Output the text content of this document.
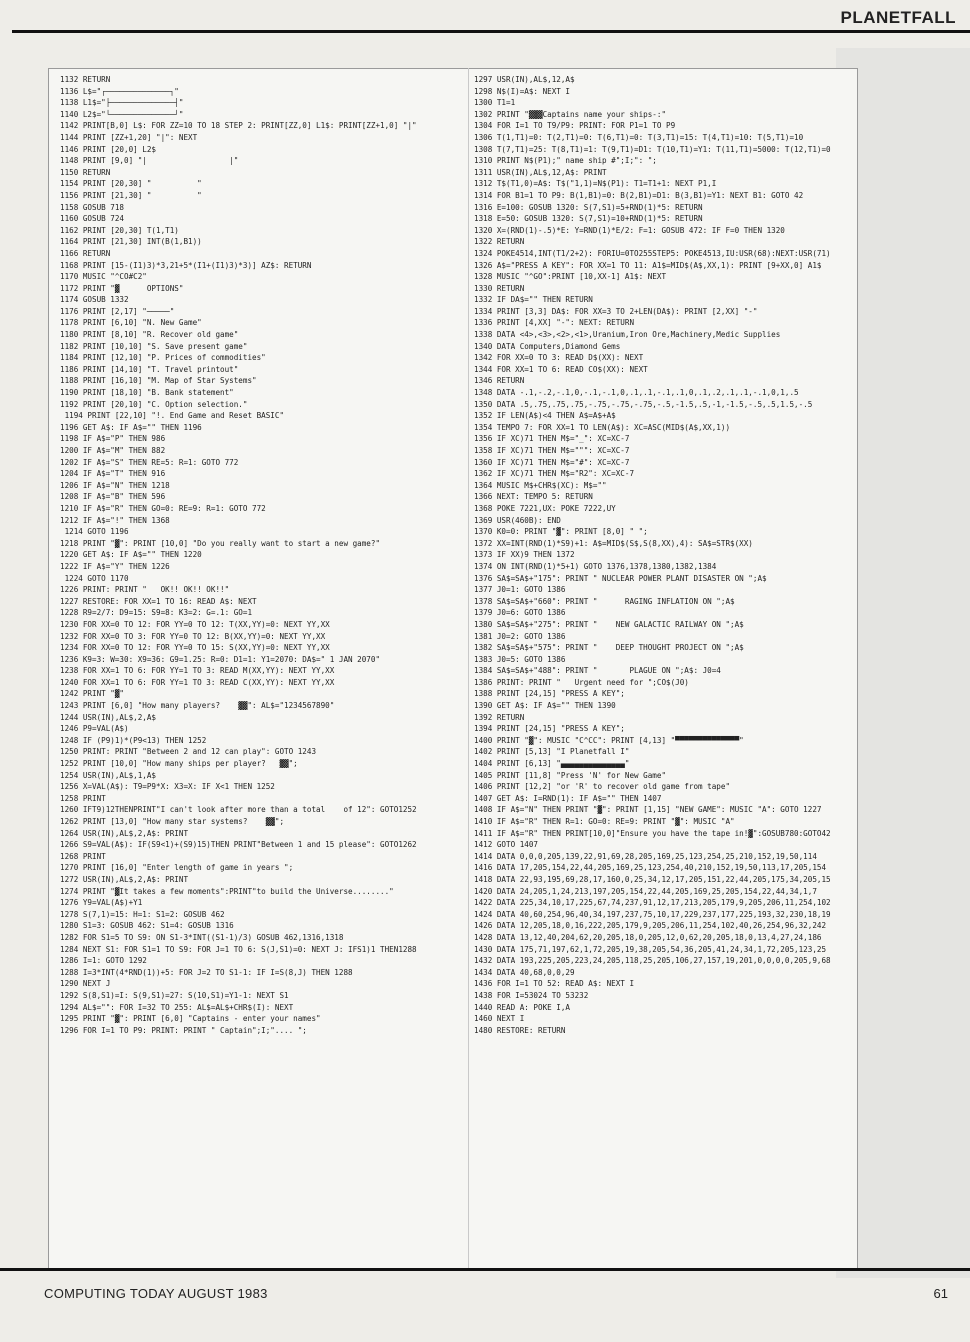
PLANETFALL
1132 RETURN
1136 L$="┌──────────────┐"
1138 L1$="├──────────────┤"
1140 L2$="└──────────────┘"
1142 PRINT[B,0] L$: FOR ZZ=10 TO 18 STEP 2: PRINT[ZZ,0] L1$: PRINT[ZZ+1,0] "|"
1144 PRINT [ZZ+1,20] "|": NEXT
1146 PRINT [20,0] L2$
1148 PRINT [9,0] "|                  |"
1150 RETURN
1154 PRINT [20,30] "          "
1156 PRINT [21,30] "          "
1158 GOSUB 718
1160 GOSUB 724
1162 PRINT [20,30] T(1,T1)
1164 PRINT [21,30] INT(B(1,B1))
1166 RETURN
1168 PRINT [15-(I1)3)*3,21+5*(I1+(I1)3)*3)] AZ$: RETURN
1170 MUSIC "^CO#C2"
1172 PRINT "▓      OPTIONS"
1174 GOSUB 1332
1176 PRINT [2,17] "─────"
1178 PRINT [6,10] "N. New Game"
1180 PRINT [8,10] "R. Recover old game"
1182 PRINT [10,10] "S. Save present game"
1184 PRINT [12,10] "P. Prices of commodities"
1186 PRINT [14,10] "T. Travel printout"
1188 PRINT [16,10] "M. Map of Star Systems"
1190 PRINT [18,10] "B. Bank statement"
1192 PRINT [20,10] "C. Option selection."
1194 PRINT [22,10] "!. End Game and Reset BASIC"
1196 GET A$: IF A$="" THEN 1196
1198 IF A$="P" THEN 986
1200 IF A$="M" THEN 882
1202 IF A$="S" THEN RE=5: R=1: GOTO 772
1204 IF A$="T" THEN 916
1206 IF A$="N" THEN 1218
1208 IF A$="B" THEN 596
1210 IF A$="R" THEN GO=0: RE=9: R=1: GOTO 772
1212 IF A$="!" THEN 1368
1214 GOTO 1196
1218 PRINT "▓": PRINT [10,0] "Do you really want to start a new game?"
1220 GET A$: IF A$="" THEN 1220
1222 IF A$="Y" THEN 1226
1224 GOTO 1170
1226 PRINT: PRINT "   OK!! OK!! OK!!"
1227 RESTORE: FOR XX=1 TO 16: READ A$: NEXT
1228 R9=2/7: D9=15: S9=8: K3=2: G=.1: GO=1
1230 FOR XX=0 TO 12: FOR YY=0 TO 12: T(XX,YY)=0: NEXT YY,XX
1232 FOR XX=0 TO 3: FOR YY=0 TO 12: B(XX,YY)=0: NEXT YY,XX
1234 FOR XX=0 TO 12: FOR YY=0 TO 15: S(XX,YY)=0: NEXT YY,XX
1236 K9=3: W=30: X9=36: G9=1.25: R=0: D1=1: Y1=2070: DA$=" 1 JAN 2070"
1238 FOR XX=1 TO 6: FOR YY=1 TO 3: READ M(XX,YY): NEXT YY,XX
1240 FOR XX=1 TO 6: FOR YY=1 TO 3: READ C(XX,YY): NEXT YY,XX
1242 PRINT "▓"
1243 PRINT [6,0] "How many players?    ▓▓": AL$="1234567890"
1244 USR(IN),AL$,2,A$
1246 P9=VAL(A$)
1248 IF (P9)1)*(P9<13) THEN 1252
1250 PRINT: PRINT "Between 2 and 12 can play": GOTO 1243
1252 PRINT [10,0] "How many ships per player?   ▓▓";
1254 USR(IN),AL$,1,A$
1256 X=VAL(A$): T9=P9*X: X3=X: IF X<1 THEN 1252
1258 PRINT
1260 IFT9)12THENPRINT"I can't look after more than a total    of 12": GOTO1252
1262 PRINT [13,0] "How many star systems?    ▓▓";
1264 USR(IN),AL$,2,A$: PRINT
1266 S9=VAL(A$): IF(S9<1)+(S9)15)THEN PRINT"Between 1 and 15 please": GOTO1262
1268 PRINT
1270 PRINT [16,0] "Enter length of game in years ";
1272 USR(IN),AL$,2,A$: PRINT
1274 PRINT "▓It takes a few moments":PRINT"to build the Universe........"
1276 Y9=VAL(A$)+Y1
1278 S(7,1)=15: H=1: S1=2: GOSUB 462
1280 S1=3: GOSUB 462: S1=4: GOSUB 1316
1282 FOR S1=5 TO S9: ON S1-3*INT((S1-1)/3) GOSUB 462,1316,1318
1284 NEXT S1: FOR S1=1 TO S9: FOR J=1 TO 6: S(J,S1)=0: NEXT J: IFS1)1 THEN1288
1286 I=1: GOTO 1292
1288 I=3*INT(4*RND(1))+5: FOR J=2 TO S1-1: IF I=S(8,J) THEN 1288
1290 NEXT J
1292 S(8,S1)=I: S(9,S1)=27: S(10,S1)=Y1-1: NEXT S1
1294 AL$="": FOR I=32 TO 255: AL$=AL$+CHR$(I): NEXT
1295 PRINT "▓": PRINT [6,0] "Captains - enter your names"
1296 FOR I=1 TO P9: PRINT: PRINT " Captain";I;".... ";
1297 USR(IN),AL$,12,A$
1298 N$(I)=A$: NEXT I
1300 T1=1
1302 PRINT "▓▓▓Captains name your ships-:"
1304 FOR I=1 TO T9/P9: PRINT: FOR P1=1 TO P9
1306 T(1,T1)=0: T(2,T1)=0: T(6,T1)=0: T(3,T1)=15: T(4,T1)=10: T(5,T1)=10
1308 T(7,T1)=25: T(8,T1)=1: T(9,T1)=D1: T(10,T1)=Y1: T(11,T1)=5000: T(12,T1)=0
1310 PRINT N$(P1);" name ship #";I;": ";
1311 USR(IN),AL$,12,A$: PRINT
1312 T$(T1,0)=A$: T$("1,1)=N$(P1): T1=T1+1: NEXT P1,I
1314 FOR B1=1 TO P9: B(1,B1)=0: B(2,B1)=D1: B(3,B1)=Y1: NEXT B1: GOTO 42
1316 E=100: GOSUB 1320: S(7,S1)=5+RND(1)*5: RETURN
1318 E=50: GOSUB 1320: S(7,S1)=10+RND(1)*5: RETURN
1320 X=(RND(1)-.5)*E: Y=RND(1)*E/2: F=1: GOSUB 472: IF F=0 THEN 1320
1322 RETURN
1324 POKE4514,INT(T1/2+2): FORIU=0TO255STEP5: POKE4513,IU:USR(68):NEXT:USR(71)
1326 A$="PRESS A KEY": FOR XX=1 TO 11: A1$=MID$(A$,XX,1): PRINT [9+XX,0] A1$
1328 MUSIC "^GO":PRINT [10,XX-1] A1$: NEXT
1330 RETURN
1332 IF DA$="" THEN RETURN
1334 PRINT [3,3] DA$: FOR XX=3 TO 2+LEN(DA$): PRINT [2,XX] "-"
1336 PRINT [4,XX] "-": NEXT: RETURN
1338 DATA <4>,<3>,<2>,<1>,Uranium,Iron Ore,Machinery,Medic Supplies
1340 DATA Computers,Diamond Gems
1342 FOR XX=0 TO 3: READ D$(XX): NEXT
1344 FOR XX=1 TO 6: READ CO$(XX): NEXT
1346 RETURN
1348 DATA -.1,-.2,-.1,0,-.1,-.1,0,.1,.1,-.1,.1,0,.1,.2,.1,.1,-.1,0,1,.5
1350 DATA .5,.75,.75,.75,-.75,-.75,-.75,-.5,-1.5,.5,-1,-1.5,-.5,.5,1.5,-.5
1352 IF LEN(A$)<4 THEN A$=A$+A$
1354 TEMPO 7: FOR XX=1 TO LEN(A$): XC=ASC(MID$(A$,XX,1))
1356 IF XC)71 THEN M$="_": XC=XC-7
1358 IF XC)71 THEN M$=""": XC=XC-7
1360 IF XC)71 THEN M$="#": XC=XC-7
1362 IF XC)71 THEN M$="R2": XC=XC-7
1364 MUSIC M$+CHR$(XC): M$=""
1366 NEXT: TEMPO 5: RETURN
1368 POKE 7221,UX: POKE 7222,UY
1369 USR(460B): END
1370 K0=0: PRINT "▓": PRINT [8,0] " ";
1372 XX=INT(RND(1)*S9)+1: A$=MID$(S$,S(8,XX),4): SA$=STR$(XX)
1373 IF XX)9 THEN 1372
1374 ON INT(RND(1)*5+1) GOTO 1376,1378,1380,1382,1384
1376 SA$=SA$+"175": PRINT " NUCLEAR POWER PLANT DISASTER ON ";A$
1377 J0=1: GOTO 1386
1378 SA$=SA$+"660": PRINT "      RAGING INFLATION ON ";A$
1379 J0=6: GOTO 1386
1380 SA$=SA$+"275": PRINT "    NEW GALACTIC RAILWAY ON ";A$
1381 J0=2: GOTO 1386
1382 SA$=SA$+"575": PRINT "    DEEP THOUGHT PROJECT ON ";A$
1383 J0=5: GOTO 1386
1384 SA$=SA$+"488": PRINT "       PLAGUE ON ";A$: J0=4
1386 PRINT: PRINT "   Urgent need for ";CO$(J0)
1388 PRINT [24,15] "PRESS A KEY";
1390 GET A$: IF A$="" THEN 1390
1392 RETURN
1394 PRINT [24,15] "PRESS A KEY";
1400 PRINT "▓": MUSIC "C^CC": PRINT [4,13] "▀▀▀▀▀▀▀▀▀▀▀▀▀▀"
1402 PRINT [5,13] "I Planetfall I"
1404 PRINT [6,13] "▄▄▄▄▄▄▄▄▄▄▄▄▄▄"
1405 PRINT [11,8] "Press 'N' for New Game"
1406 PRINT [12,2] "or 'R' to recover old game from tape"
1407 GET A$: I=RND(1): IF A$="" THEN 1407
1408 IF A$="N" THEN PRINT "▓": PRINT [1,15] "NEW GAME": MUSIC "A": GOTO 1227
1410 IF A$="R" THEN R=1: GO=0: RE=9: PRINT "▓": MUSIC "A"
1411 IF A$="R" THEN PRINT[10,0]"Ensure you have the tape in!▓":GOSUB780:GOTO42
1412 GOTO 1407
1414 DATA 0,0,0,205,139,22,91,69,28,205,169,25,123,254,25,210,152,19,50,114
1416 DATA 17,205,154,22,44,205,169,25,123,254,40,210,152,19,50,113,17,205,154
1418 DATA 22,93,195,69,28,17,160,0,25,34,12,17,205,151,22,44,205,175,34,205,15
1420 DATA 24,205,1,24,213,197,205,154,22,44,205,169,25,205,154,22,44,34,1,7
1422 DATA 225,34,10,17,225,67,74,237,91,12,17,213,205,179,9,205,206,11,254,102
1424 DATA 40,60,254,96,40,34,197,237,75,10,17,229,237,177,225,193,32,230,18,19
1426 DATA 12,205,18,0,16,222,205,179,9,205,206,11,254,102,40,26,254,96,32,242
1428 DATA 13,12,40,204,62,20,205,18,0,205,12,0,62,20,205,18,0,13,4,27,24,186
1430 DATA 175,71,197,62,1,72,205,19,38,205,54,36,205,41,24,34,1,72,205,123,25
1432 DATA 193,225,205,223,24,205,118,25,205,106,27,157,19,201,0,0,0,0,205,9,68
1434 DATA 40,68,0,0,29
1436 FOR I=1 TO 52: READ A$: NEXT I
1438 FOR I=53024 TO 53232
1440 READ A: POKE I,A
1460 NEXT I
1480 RESTORE: RETURN
COMPUTING TODAY AUGUST 1983	61
